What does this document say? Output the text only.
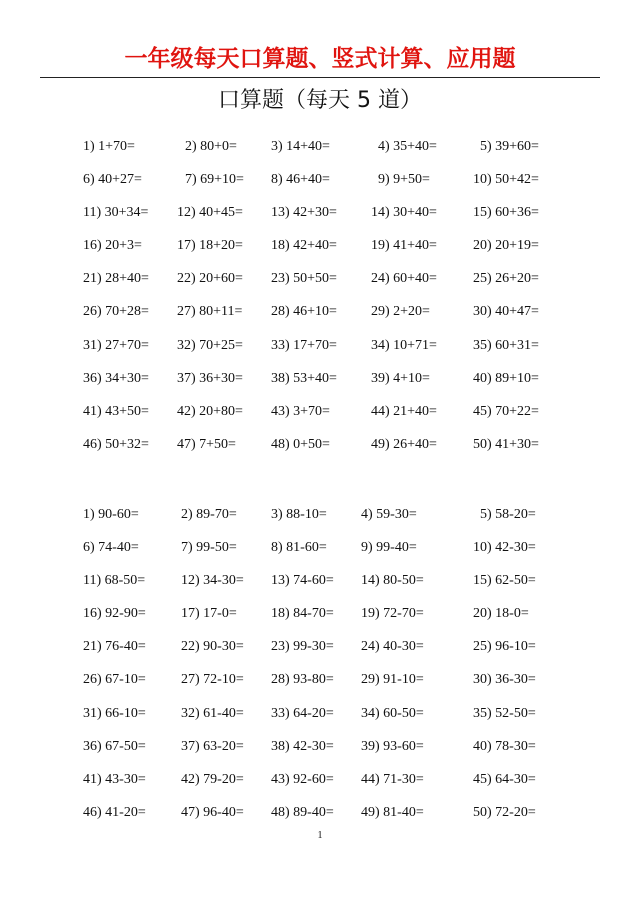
一年级每天口算题、竖式计算、应用题
口算题（每天 5 道）
1) 1+70=	2) 80+0= 3) 14+40=	4) 35+40=	5) 39+60=
6) 40+27=	7) 69+10= 8) 46+40=	9) 9+50=	10) 50+42=
11) 30+34= 12) 40+45= 13) 42+30= 14) 30+40=	15) 60+36=
16) 20+3=	17) 18+20= 18) 42+40= 19) 41+40=	20) 20+19=
21) 28+40= 22) 20+60= 23) 50+50= 24) 60+40=	25) 26+20=
26) 70+28= 27) 80+11= 28) 46+10= 29) 2+20=	30) 40+47=
31) 27+70= 32) 70+25= 33) 17+70= 34) 10+71=	35) 60+31=
36) 34+30= 37) 36+30= 38) 53+40= 39) 4+10=	40) 89+10=
41) 43+50= 42) 20+80= 43) 3+70=	44) 21+40=	45) 70+22=
46) 50+32= 47) 7+50=	48) 0+50=	49) 26+40=	50) 41+30=
1) 90-60=	2) 89-70= 3) 88-10= 4) 59-30=	5) 58-20=
6) 74-40=	7) 99-50= 8) 81-60= 9) 99-40=	10) 42-30=
11) 68-50=	12) 34-30= 13) 74-60= 14) 80-50=	15) 62-50=
16) 92-90=	17) 17-0= 18) 84-70= 19) 72-70=	20) 18-0=
21) 76-40=	22) 90-30= 23) 99-30= 24) 40-30=	25) 96-10=
26) 67-10=	27) 72-10= 28) 93-80= 29) 91-10=	30) 36-30=
31) 66-10=	32) 61-40= 33) 64-20= 34) 60-50=	35) 52-50=
36) 67-50=	37) 63-20= 38) 42-30= 39) 93-60=	40) 78-30=
41) 43-30=	42) 79-20= 43) 92-60= 44) 71-30=	45) 64-30=
46) 41-20=	47) 96-40= 48) 89-40= 49) 81-40=	50) 72-20=
1
